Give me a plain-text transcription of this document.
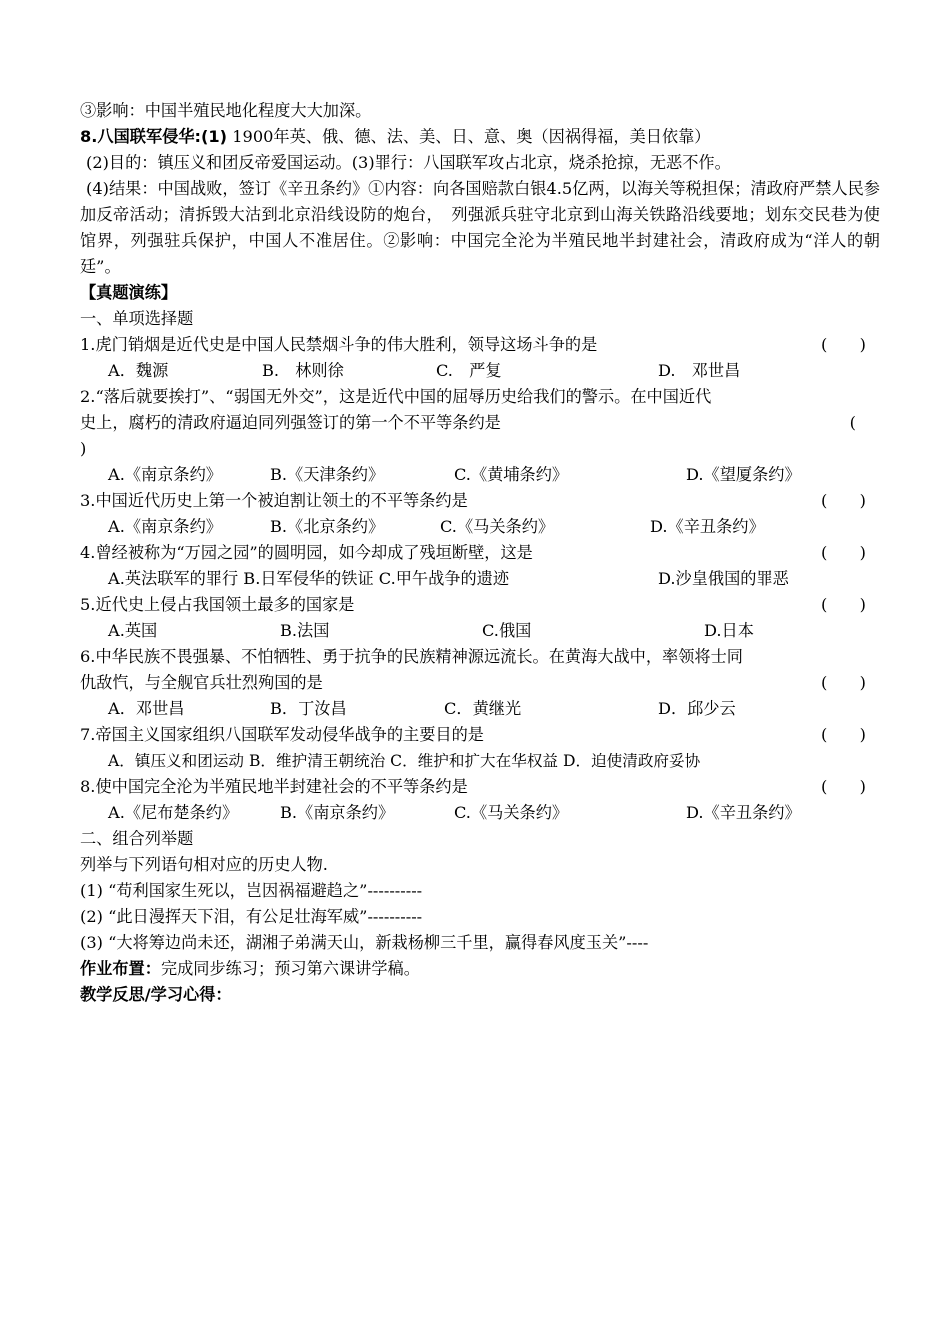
③影响：中国半殖民地化程度大大加深。
8.八国联军侵华:(1) 1900年英、俄、德、法、美、日、意、奥（因祸得福，美日依靠）
(2)目的：镇压义和团反帝爱国运动。(3)罪行：八国联军攻占北京，烧杀抢掠，无恶不作。
(4)结果：中国战败，签订《辛丑条约》①内容：向各国赔款白银4.5亿两，以海关等税担保；清政府严禁人民参加反帝活动；清拆毁大沽到北京沿线设防的炮台，　列强派兵驻守北京到山海关铁路沿线要地；划东交民巷为使馆界，列强驻兵保护，中国人不准居住。②影响：中国完全沦为半殖民地半封建社会，清政府成为“洋人的朝廷”。
【真题演练】
一、单项选择题
1.虎门销烟是近代史是中国人民禁烟斗争的伟大胜利，领导这场斗争的是	(　　)
A．魏源	B.　林则徐	C.　严复	D.　邓世昌
2.“落后就要挨打”、“弱国无外交”，这是近代中国的屈辱历史给我们的警示。在中国近代
史上，腐朽的清政府逼迫同列强签订的第一个不平等条约是	(
)
A.《南京条约》	B.《天津条约》	C.《黄埔条约》	D.《望厦条约》
3.中国近代历史上第一个被迫割让领土的不平等条约是	(　　)
A.《南京条约》	B.《北京条约》	C.《马关条约》	D.《辛丑条约》
4.曾经被称为“万园之园”的圆明园，如今却成了残垣断壁，这是	(　　)
A.英法联军的罪行 B.日军侵华的铁证 C.甲午战争的遗迹	D.沙皇俄国的罪恶
5.近代史上侵占我国领土最多的国家是	(　　)
A.英国	B.法国	C.俄国	D.日本
6.中华民族不畏强暴、不怕牺牲、勇于抗争的民族精神源远流长。在黄海大战中，率领将士同
仇敌忾，与全舰官兵壮烈殉国的是	(　　)
A．邓世昌	B．丁汝昌	C．黄继光	D．邱少云
7.帝国主义国家组织八国联军发动侵华战争的主要目的是	(　　)
A．镇压义和团运动 B．维护清王朝统治 C．维护和扩大在华权益 D．迫使清政府妥协
8.使中国完全沦为半殖民地半封建社会的不平等条约是	(　　)
A.《尼布楚条约》	B.《南京条约》	C.《马关条约》	D.《辛丑条约》
二、组合列举题
列举与下列语句相对应的历史人物.
(1) “苟利国家生死以，岂因祸福避趋之”----------
(2) “此日漫挥天下泪，有公足壮海军威”----------
(3) “大将筹边尚未还，湖湘子弟满天山，新栽杨柳三千里，赢得春风度玉关”----
作业布置：完成同步练习；预习第六课讲学稿。
教学反思/学习心得：
